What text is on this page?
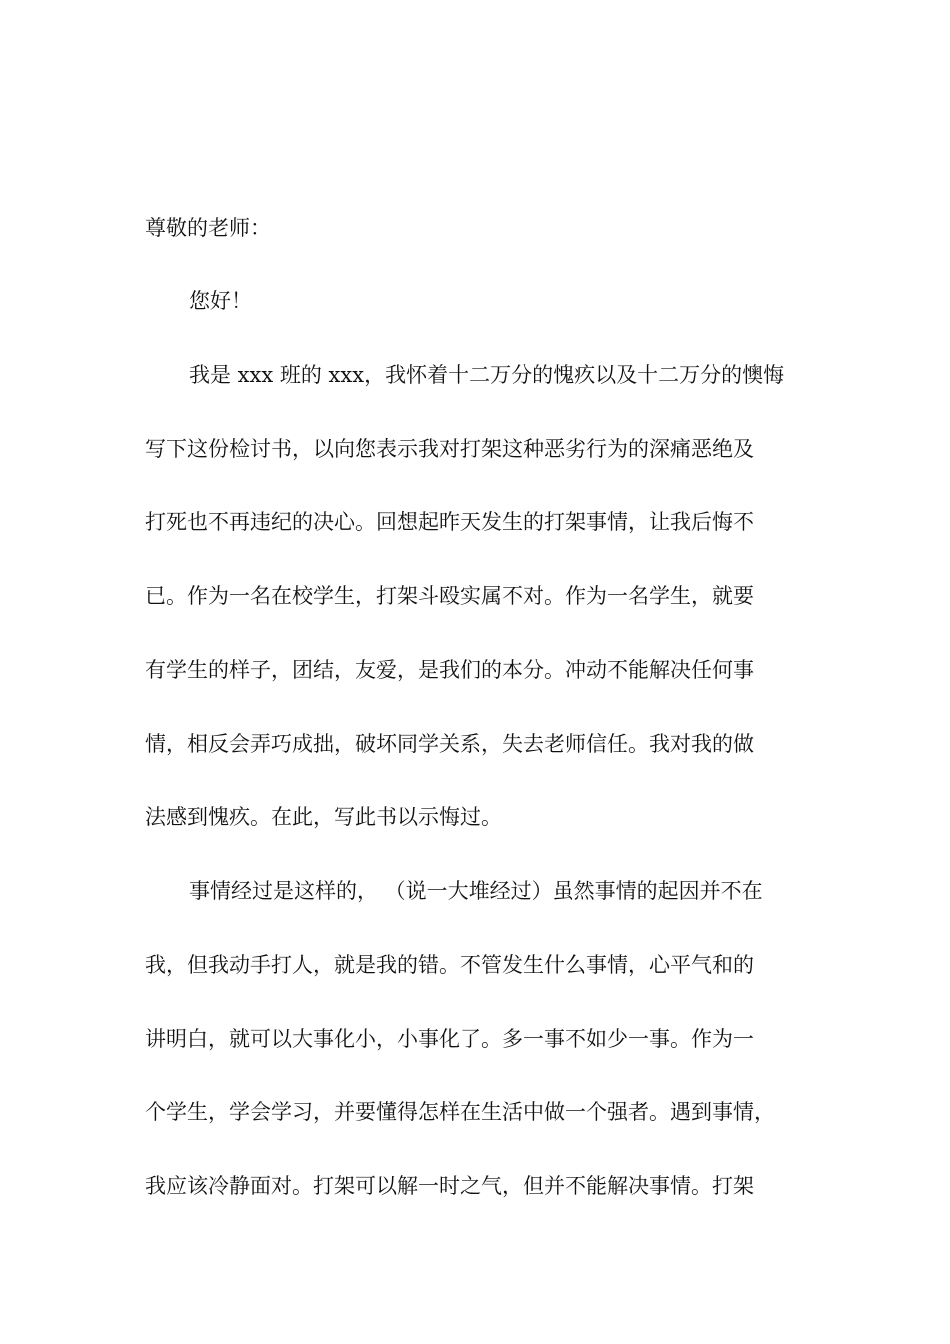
尊敬的老师：
您好！
我是 xxx 班的 xxx，我怀着十二万分的愧疚以及十二万分的懊悔
写下这份检讨书，以向您表示我对打架这种恶劣行为的深痛恶绝及
打死也不再违纪的决心。回想起昨天发生的打架事情，让我后悔不
已。作为一名在校学生，打架斗殴实属不对。作为一名学生，就要
有学生的样子，团结，友爱，是我们的本分。冲动不能解决任何事
情，相反会弄巧成拙，破坏同学关系，失去老师信任。我对我的做
法感到愧疚。在此，写此书以示悔过。
事情经过是这样的， （说一大堆经过）虽然事情的起因并不在
我，但我动手打人，就是我的错。不管发生什么事情，心平气和的
讲明白，就可以大事化小，小事化了。多一事不如少一事。作为一
个学生，学会学习，并要懂得怎样在生活中做一个强者。遇到事情，
我应该冷静面对。打架可以解一时之气，但并不能解决事情。打架
